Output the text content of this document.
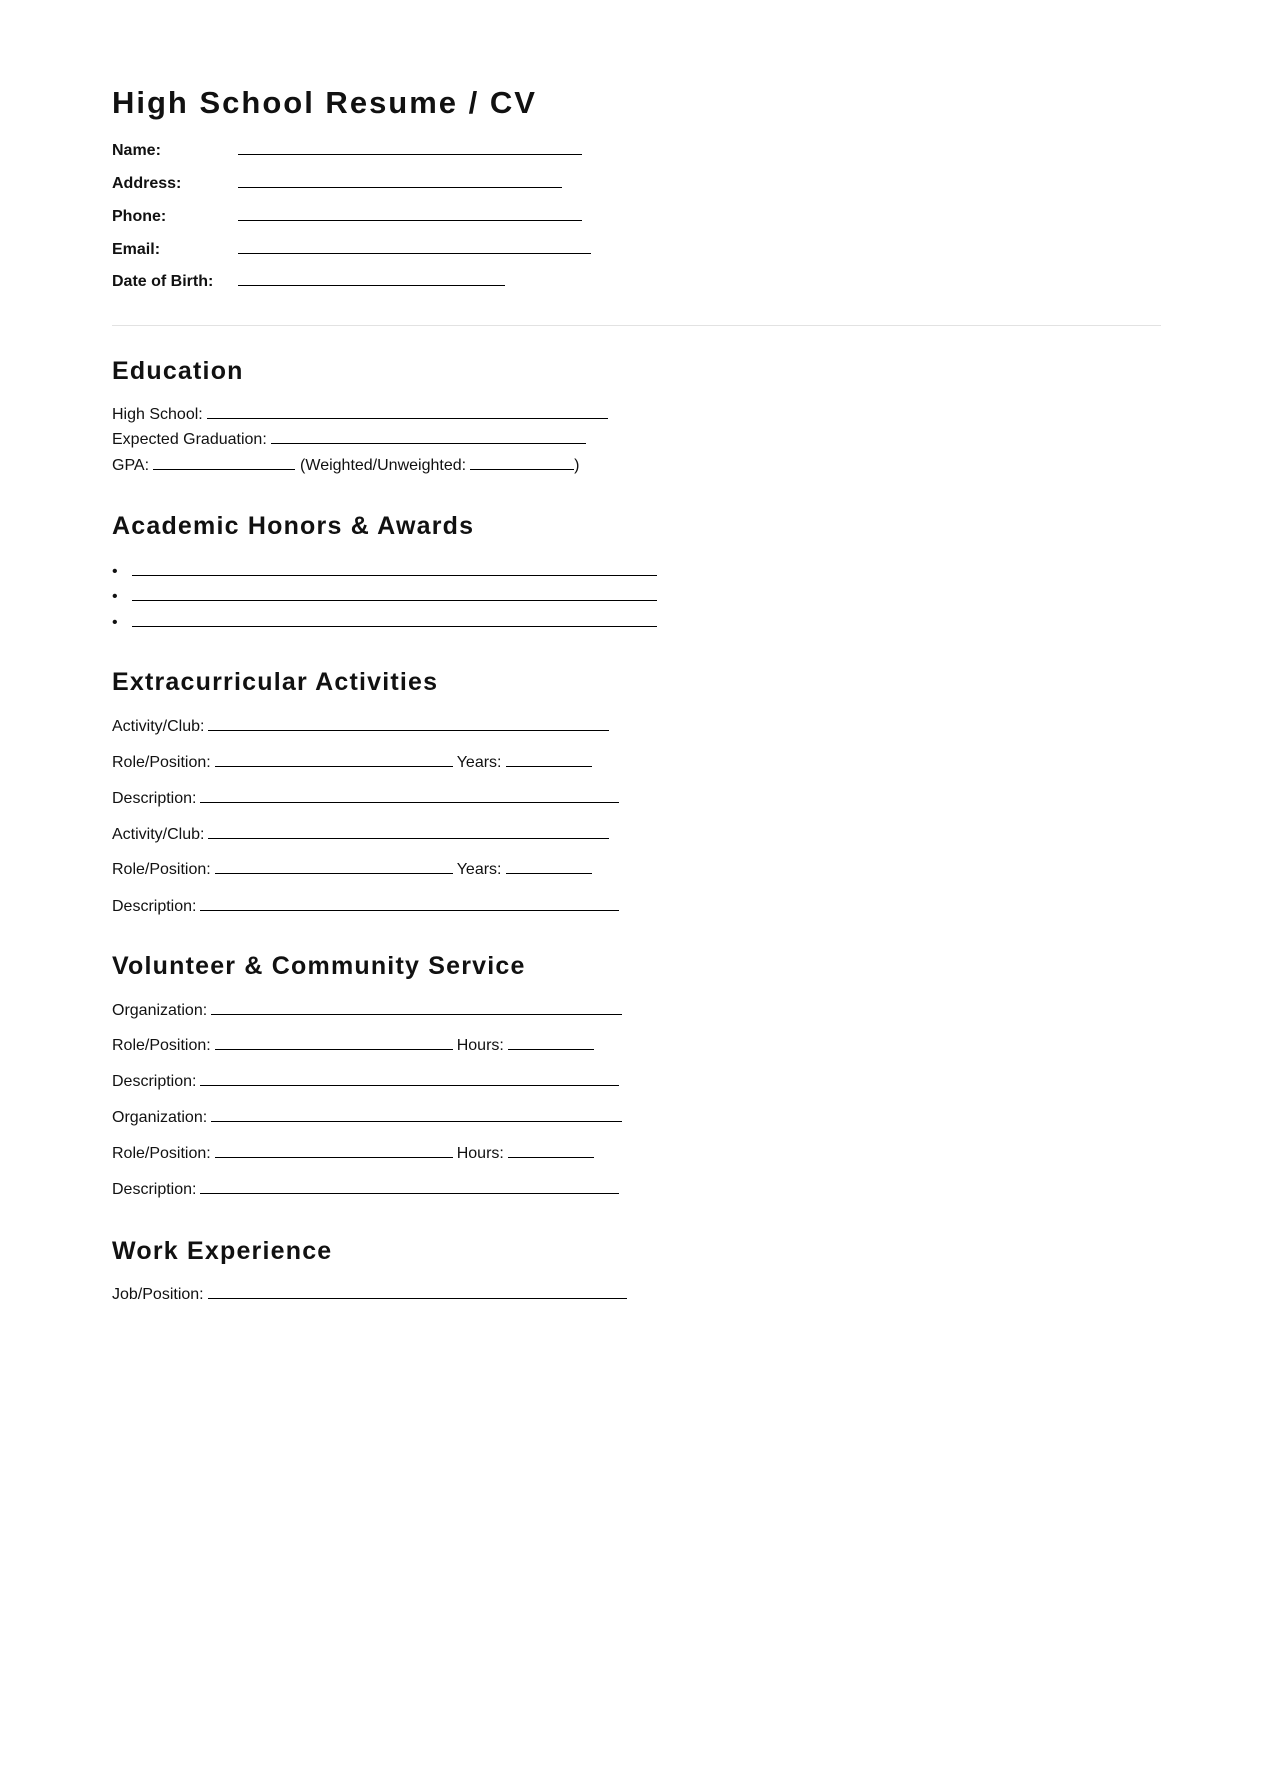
High School Resume / CV
Name:
Address:
Phone:
Email:
Date of Birth:
Education
High School:
Expected Graduation:
GPA:	(Weighted/Unweighted:	)
Academic Honors & Awards
•
•
•
Extracurricular Activities
Activity/Club:
Role/Position:	Years:
Description:
Activity/Club:
Role/Position:	Years:
Description:
Volunteer & Community Service
Organization:
Role/Position:	Hours:
Description:
Organization:
Role/Position:	Hours:
Description:
Work Experience
Job/Position:
